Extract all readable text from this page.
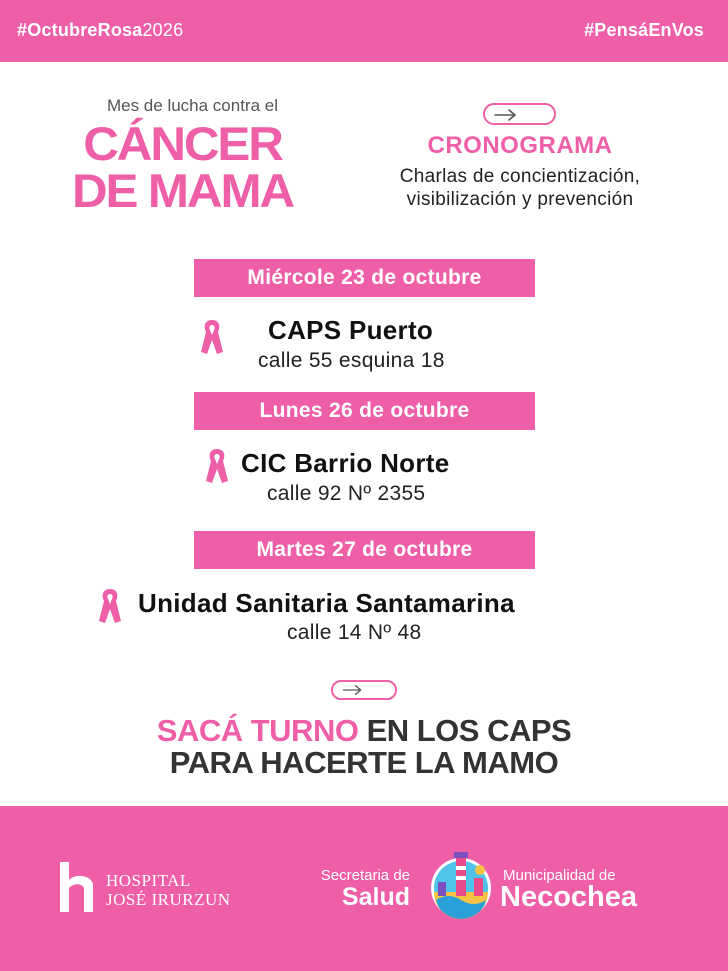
#OctubreRosa2026	#PensáEnVos
Mes de lucha contra el
CÁNCER
DE MAMA
CRONOGRAMA
Charlas de concientización,
visibilización y prevención
Miércole 23 de octubre
CAPS Puerto
calle 55 esquina 18
Lunes 26 de octubre
CIC Barrio Norte
calle 92 Nº 2355
Martes 27 de octubre
Unidad Sanitaria Santamarina
calle 14 Nº 48
SACÁ TURNO EN LOS CAPS
PARA HACERTE LA MAMO
HOSPITAL
JOSÉ IRURZUN
Secretaria de
Salud
Municipalidad de
Necochea
